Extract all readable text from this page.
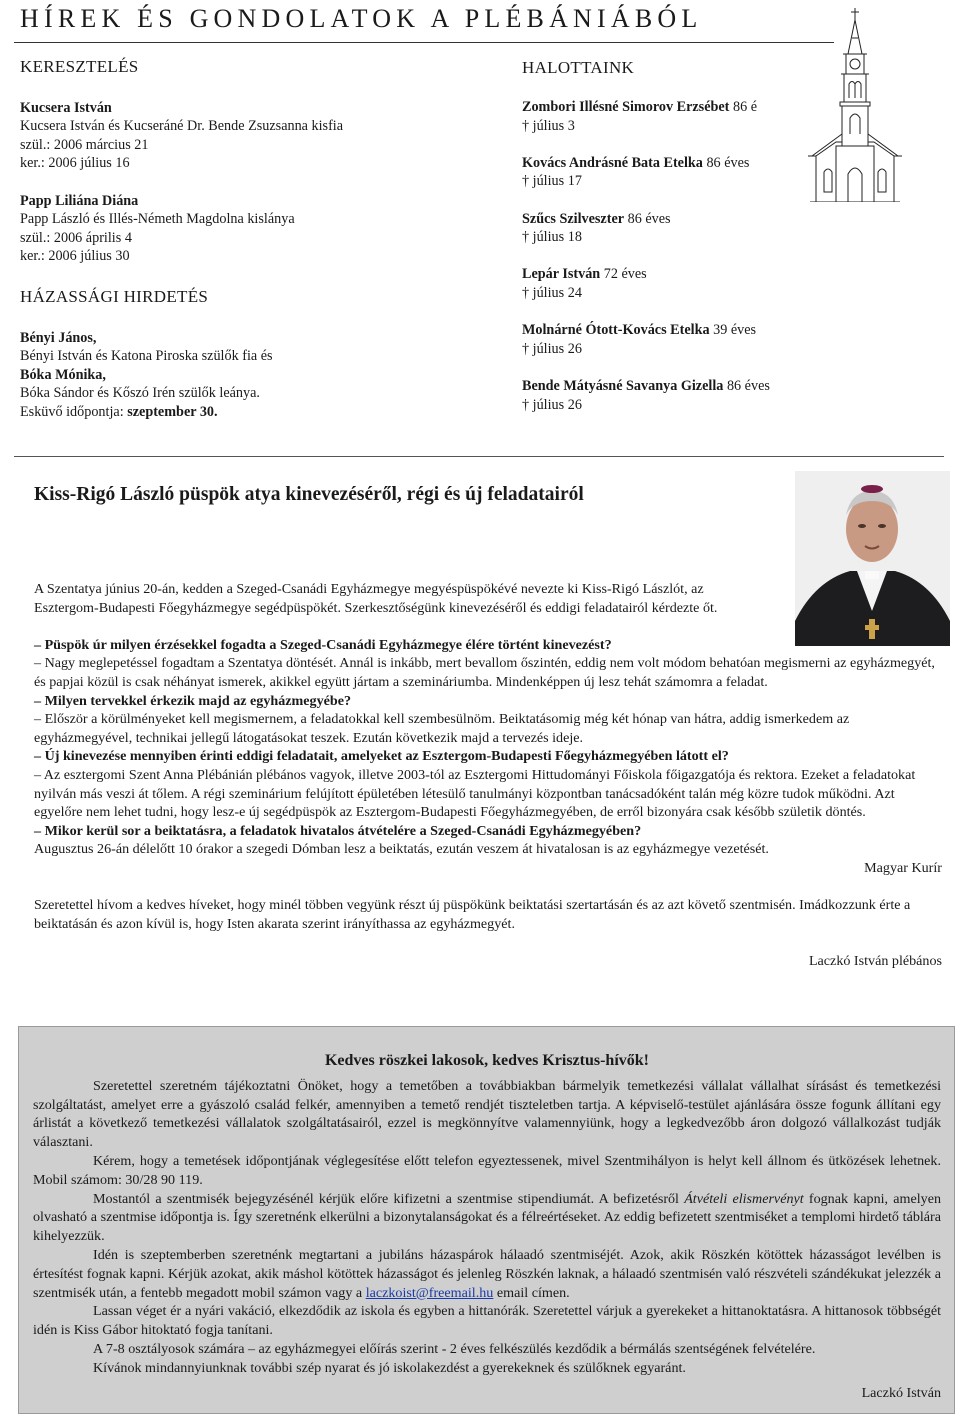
HÍREK ÉS GONDOLATOK A PLÉBÁNIÁBÓL

KERESZTELÉS

Kucsera István

Kucsera István és Kucseráné Dr. Bende Zsuzsanna kisfia

szül.: 2006 március 21

ker.: 2006 július 16

Papp Liliána Diána

Papp László és Illés-Németh Magdolna kislánya

szül.: 2006 április 4

ker.: 2006 július 30

HÁZASSÁGI HIRDETÉS

Bényi János,

Bényi István és Katona Piroska szülők fia és

Bóka Mónika,

Bóka Sándor és Kőszó Irén szülők leánya.

Esküvő időpontja: szeptember 30.

HALOTTAINK

Zombori Illésné Simorov Erzsébet 86 é

† július 3

Kovács Andrásné Bata Etelka 86 éves

† július 17

Szűcs Szilveszter 86 éves

† július 18

Lepár István 72 éves

† július 24

Molnárné Ótott-Kovács Etelka 39 éves

† július 26

Bende Mátyásné Savanya Gizella 86 éves

† július 26

Kiss-Rigó László püspök atya kinevezéséről, régi és új feladatairól

A Szentatya június 20-án, kedden a Szeged-Csanádi Egyházmegye megyéspüspökévé nevezte ki Kiss-Rigó Lászlót, az Esztergom-Budapesti Főegyházmegye segédpüspökét. Szerkesztőségünk kinevezéséről és eddigi feladatairól kérdezte őt.

– Püspök úr milyen érzésekkel fogadta a Szeged-Csanádi Egyházmegye élére történt kinevezést?

– Nagy meglepetéssel fogadtam a Szentatya döntését. Annál is inkább, mert bevallom őszintén, eddig nem volt módom behatóan megismerni az egyházmegyét, és papjai közül is csak néhányat ismerek, akikkel együtt jártam a szemináriumba. Mindenképpen új lesz tehát számomra a feladat.

– Milyen tervekkel érkezik majd az egyházmegyébe?

– Először a körülményeket kell megismernem, a feladatokkal kell szembesülnöm. Beiktatásomig még két hónap van hátra, addig ismerkedem az egyházmegyével, technikai jellegű látogatásokat teszek. Ezután következik majd a tervezés ideje.

– Új kinevezése mennyiben érinti eddigi feladatait, amelyeket az Esztergom-Budapesti Főegyházmegyében látott el?

– Az esztergomi Szent Anna Plébánián plébános vagyok, illetve 2003-tól az Esztergomi Hittudományi Főiskola főigazgatója és rektora. Ezeket a feladatokat nyilván más veszi át tőlem. A régi szeminárium felújított épületében létesülő tanulmányi központban tanácsadóként talán még közre tudok működni. Azt egyelőre nem lehet tudni, hogy lesz-e új segédpüspök az Esztergom-Budapesti Főegyházmegyében, de erről bizonyára csak később születik döntés.

– Mikor kerül sor a beiktatásra, a feladatok hivatalos átvételére a Szeged-Csanádi Egyházmegyében?

Augusztus 26-án délelőtt 10 órakor a szegedi Dómban lesz a beiktatás, ezután veszem át hivatalosan is az egyházmegye vezetését.

Magyar Kurír

Szeretettel hívom a kedves híveket, hogy minél többen vegyünk részt új püspökünk beiktatási szertartásán és az azt követő szentmisén. Imádkozzunk érte a beiktatásán és azon kívül is, hogy Isten akarata szerint irányíthassa az egyházmegyét.

Laczkó István plébános

Kedves röszkei lakosok, kedves Krisztus-hívők!

Szeretettel szeretném tájékoztatni Önöket, hogy a temetőben a továbbiakban bármelyik temetkezési vállalat vállalhat sírásást és temetkezési szolgáltatást, amelyet erre a gyászoló család felkér, amennyiben a temető rendjét tiszteletben tartja. A képviselő-testület ajánlására össze fogunk állítani egy árlistát a következő temetkezési vállalatok szolgáltatásairól, ezzel is megkönnyítve valamennyiünk, hogy a legkedvezőbb áron dolgozó vállalkozást tudják választani.

Kérem, hogy a temetések időpontjának véglegesítése előtt telefon egyeztessenek, mivel Szentmihályon is helyt kell állnom és ütközések lehetnek. Mobil számom: 30/28 90 119.

Mostantól a szentmisék bejegyzésénél kérjük előre kifizetni a szentmise stipendiumát. A befizetésről Átvételi elismervényt fognak kapni, amelyen olvasható a szentmise időpontja is. Így szeretnénk elkerülni a bizonytalanságokat és a félreértéseket. Az eddig befizetett szentmiséket a templomi hirdető táblára kihelyezzük.

Idén is szeptemberben szeretnénk megtartani a jubiláns házaspárok hálaadó szentmiséjét. Azok, akik Röszkén kötöttek házasságot levélben is értesítést fognak kapni. Kérjük azokat, akik máshol kötöttek házasságot és jelenleg Röszkén laknak, a hálaadó szentmisén való részvételi szándékukat jelezzék a szentmisék után, a fentebb megadott mobil számon vagy a laczkoist@freemail.hu email címen.

Lassan véget ér a nyári vakáció, elkezdődik az iskola és egyben a hittanórák. Szeretettel várjuk a gyerekeket a hittanoktatásra. A hittanosok többségét idén is Kiss Gábor hitoktató fogja tanítani.

A 7-8 osztályosok számára – az egyházmegyei előírás szerint - 2 éves felkészülés kezdődik a bérmálás szentségének felvételére.

Kívánok mindannyiunknak további szép nyarat és jó iskolakezdést a gyerekeknek és szülőknek egyaránt.

Laczkó István
